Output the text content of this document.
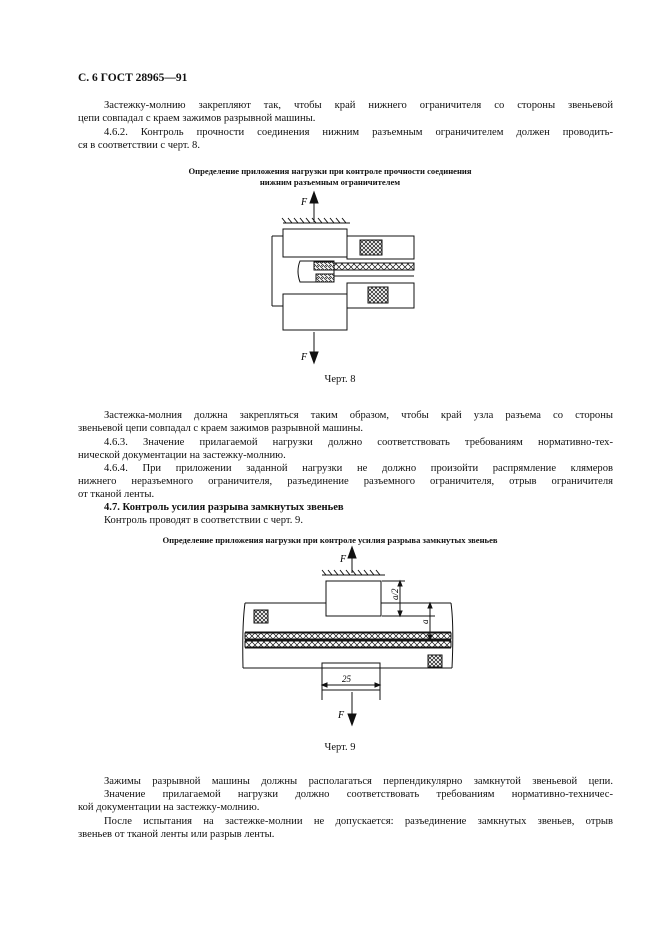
С. 6 ГОСТ 28965—91
Застежку-молнию закрепляют так, чтобы край нижнего ограничителя со стороны звеньевой
цепи совпадал с краем зажимов разрывной машины.
4.6.2. Контроль прочности соединения нижним разъемным ограничителем должен проводить-
ся в соответствии с черт. 8.
Определение приложения нагрузки при контроле прочности соединения
нижним разъемным ограничителем
F
F
Черт. 8
Застежка-молния должна закрепляться таким образом, чтобы край узла разъема со стороны
звеньевой цепи совпадал с краем зажимов разрывной машины.
4.6.3. Значение прилагаемой нагрузки должно соответствовать требованиям нормативно-тех-
нической документации на застежку-молнию.
4.6.4. При приложении заданной нагрузки не должно произойти распрямление клямеров
нижнего неразъемного ограничителя, разъединение разъемного ограничителя, отрыв ограничителя
от тканой ленты.
4.7. Контроль усилия разрыва замкнутых звеньев
Контроль проводят в соответствии с черт. 9.
Определение приложения нагрузки при контроле усилия разрыва замкнутых звеньев
F
a/2
a
25
F
Черт. 9
Зажимы разрывной машины должны располагаться перпендикулярно замкнутой звеньевой цепи.
Значение прилагаемой нагрузки должно соответствовать требованиям нормативно-техничес-
кой документации на застежку-молнию.
После испытания на застежке-молнии не допускается: разъединение замкнутых звеньев, отрыв
звеньев от тканой ленты или разрыв ленты.
